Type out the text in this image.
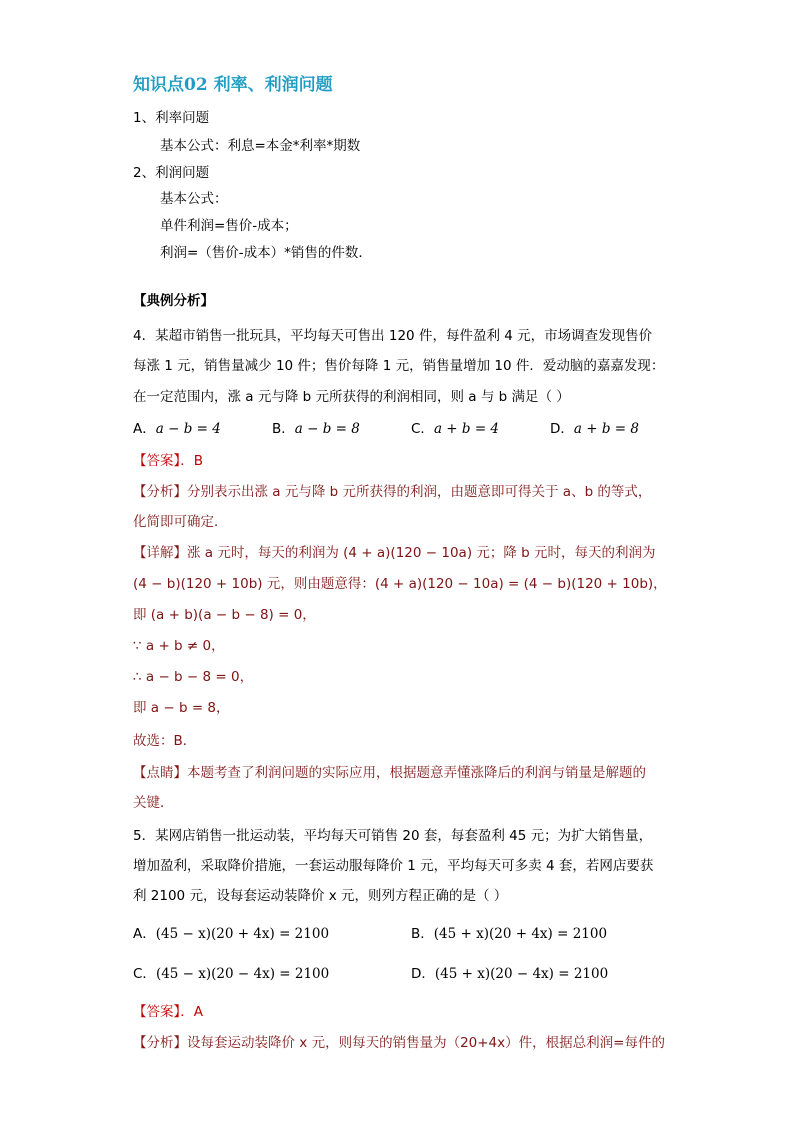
知识点02 利率、利润问题
1、利率问题
基本公式：利息=本金*利率*期数
2、利润问题
基本公式：
单件利润=售价-成本；
利润=（售价-成本）*销售的件数．
【典例分析】
4．某超市销售一批玩具，平均每天可售出 120 件，每件盈利 4 元，市场调查发现售价
每涨 1 元，销售量减少 10 件；售价每降 1 元，销售量增加 10 件．爱动脑的嘉嘉发现：
在一定范围内，涨 a 元与降 b 元所获得的利润相同，则 a 与 b 满足（ ）
A．a − b = 4	B．a − b = 8	C．a + b = 4	D．a + b = 8
【答案】．B
【分析】分别表示出涨 a 元与降 b 元所获得的利润，由题意即可得关于 a、b 的等式，
化简即可确定．
【详解】涨 a 元时，每天的利润为 (4 + a)(120 − 10a) 元；降 b 元时，每天的利润为
(4 − b)(120 + 10b) 元，则由题意得：(4 + a)(120 − 10a) = (4 − b)(120 + 10b)，
即 (a + b)(a − b − 8) = 0，
∵ a + b ≠ 0，
∴ a − b − 8 = 0，
即 a − b = 8，
故选：B．
【点睛】本题考查了利润问题的实际应用，根据题意弄懂涨降后的利润与销量是解题的
关键．
5．某网店销售一批运动装，平均每天可销售 20 套，每套盈利 45 元；为扩大销售量，
增加盈利，采取降价措施，一套运动服每降价 1 元，平均每天可多卖 4 套，若网店要获
利 2100 元，设每套运动装降价 x 元，则列方程正确的是（ ）
A．(45 − x)(20 + 4x) = 2100	B．(45 + x)(20 + 4x) = 2100
C．(45 − x)(20 − 4x) = 2100	D．(45 + x)(20 − 4x) = 2100
【答案】．A
【分析】设每套运动装降价 x 元，则每天的销售量为（20+4x）件，根据总利润=每件的
